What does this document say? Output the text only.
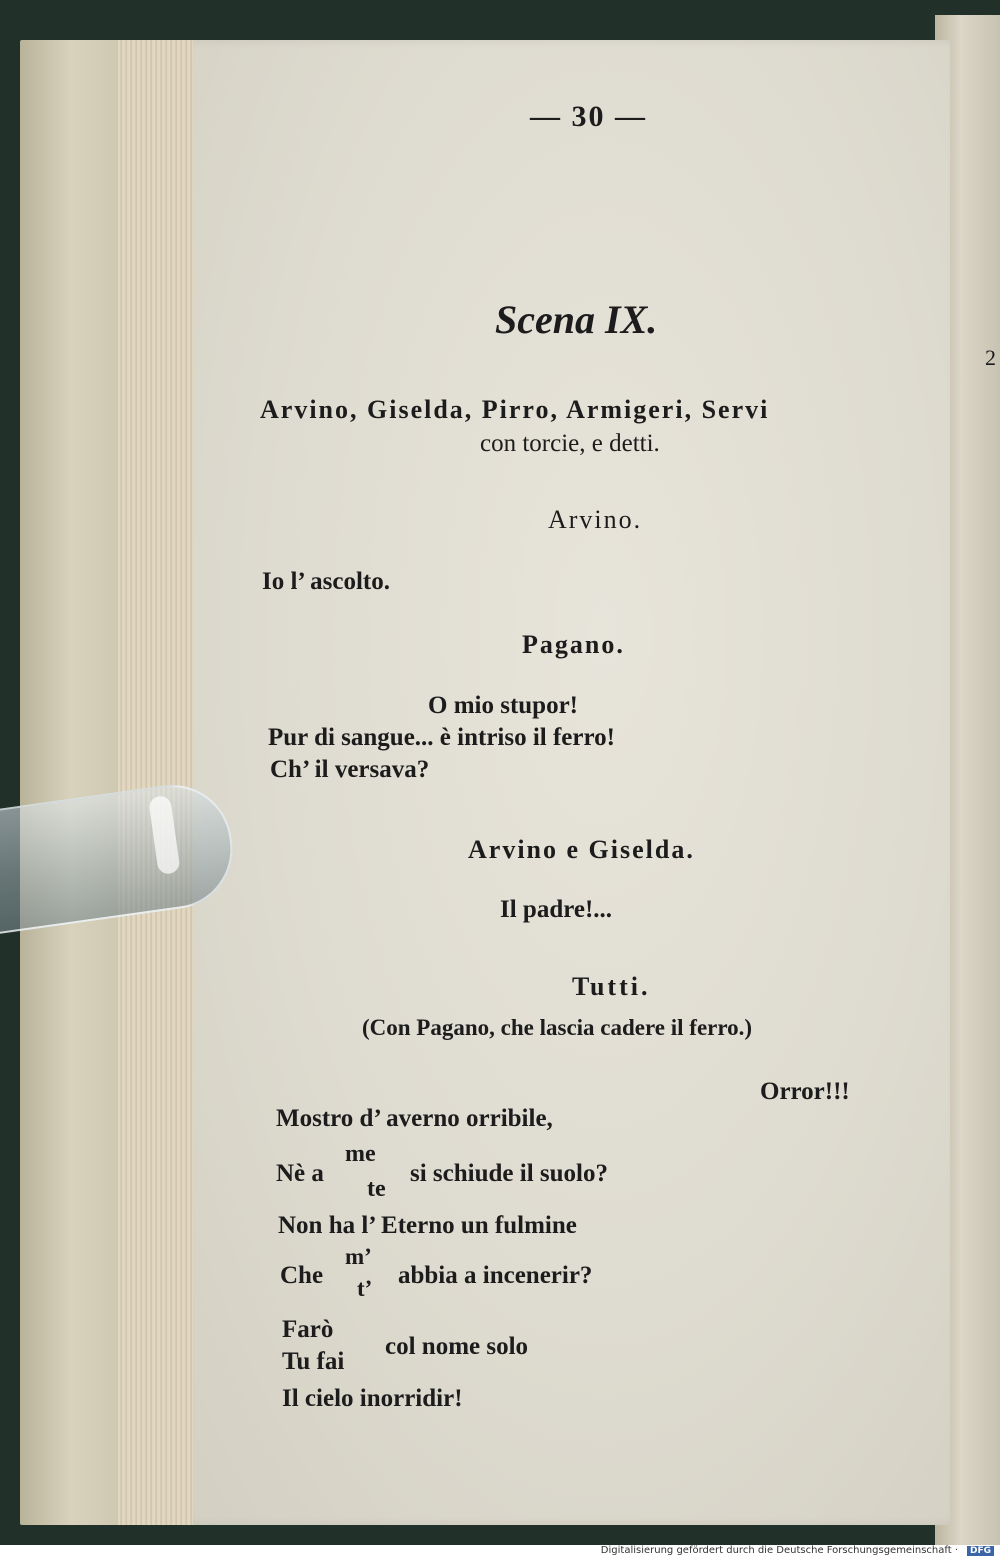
2
— 30 —
Scena IX.
Arvino, Giselda, Pirro, Armigeri, Servi
con torcie, e detti.
Arvino.
Io l’ ascolto.
Pagano.
O mio stupor!
Pur di sangue... è intriso il ferro!
Ch’ il versava?
Arvino e Giselda.
Il padre!...
Tutti.
(Con Pagano, che lascia cadere il ferro.)
Orror!!!
Mostro d’ averno orribile,
Nè a
me
te
si schiude il suolo?
Non ha l’ Eterno un fulmine
Che
m’
t’ abbia a incenerir?
Farò
Tu fai
col nome solo
Il cielo inorridir!
Digitalisierung gefördert durch die Deutsche Forschungsgemeinschaft ·	DFG
